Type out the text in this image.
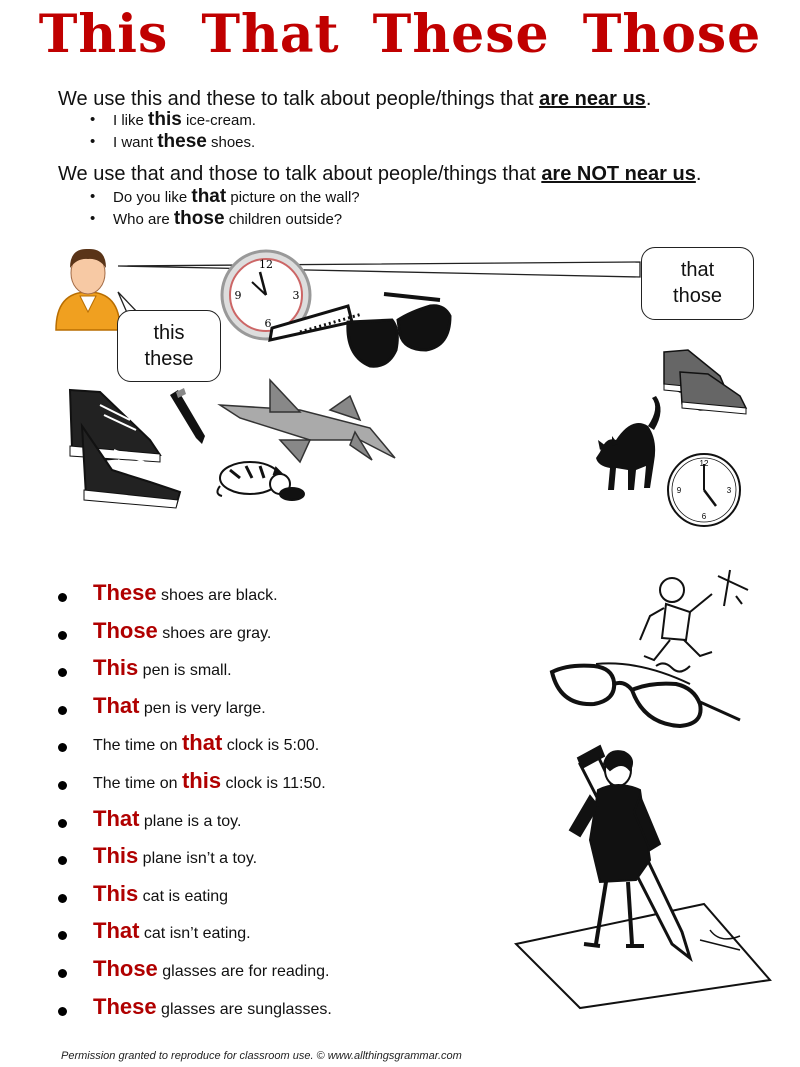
This That These Those
We use this and these to talk about people/things that are near us.
• I like this ice-cream.
• I want these shoes.
We use that and those to talk about people/things that are NOT near us.
• Do you like that picture on the wall?
• Who are those children outside?
12
9	3
6
12
3
6
9
this
these
that
those
These shoes are black.
Those shoes are gray.
This pen is small.
That pen is very large.
The time on that clock is 5:00.
The time on this clock is 11:50.
That plane is a toy.
This plane isn’t a toy.
This cat is eating
That cat isn’t eating.
Those glasses are for reading.
These glasses are sunglasses.
Permission granted to reproduce for classroom use. © www.allthingsgrammar.com
